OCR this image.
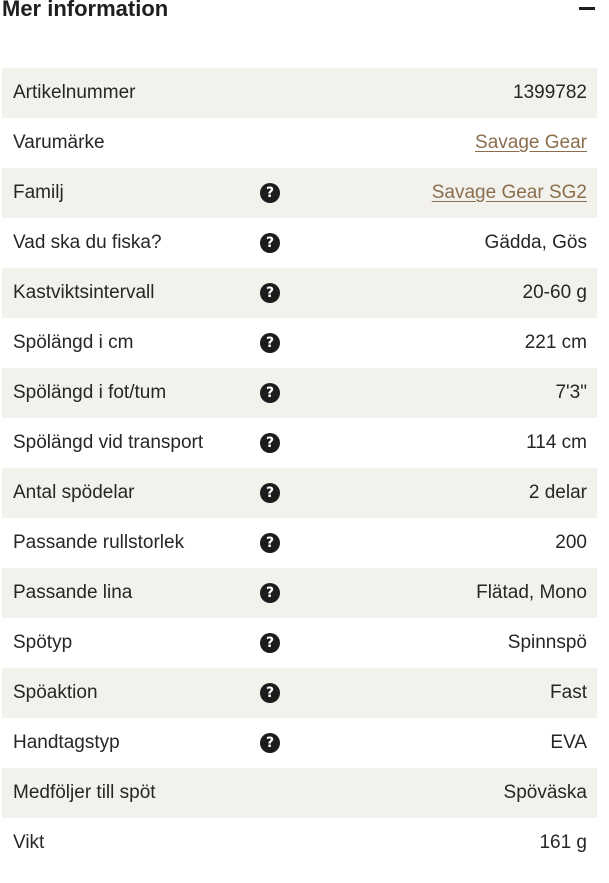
Mer information
Artikelnummer	1399782
Varumärke	Savage Gear
Familj	?	Savage Gear SG2
Vad ska du fiska?	?	Gädda, Gös
Kastviktsintervall	?	20-60 g
Spölängd i cm	?	221 cm
Spölängd i fot/tum	?	7'3"
Spölängd vid transport	?	114 cm
Antal spödelar	?	2 delar
Passande rullstorlek	?	200
Passande lina	?	Flätad, Mono
Spötyp	?	Spinnspö
Spöaktion	?	Fast
Handtagstyp	?	EVA
Medföljer till spöt	Spöväska
Vikt	161 g
